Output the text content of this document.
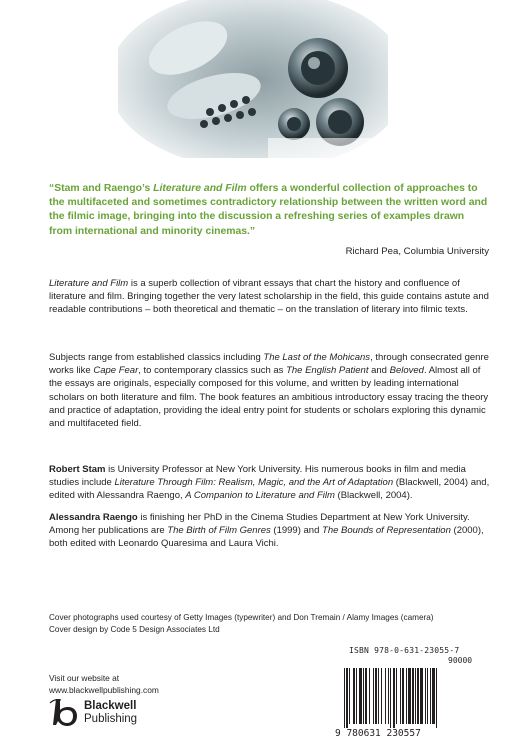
“Stam and Raengo’s Literature and Film offers a wonderful collection of approaches to the multifaceted and sometimes contradictory relationship between the written word and the filmic image, bringing into the discussion a refreshing series of examples drawn from international and minority cinemas.”
Richard Pea, Columbia University
Literature and Film is a superb collection of vibrant essays that chart the history and confluence of literature and film. Bringing together the very latest scholarship in the field, this guide contains astute and readable contributions – both theoretical and thematic – on the translation of literary into filmic texts.
Subjects range from established classics including The Last of the Mohicans, through consecrated genre works like Cape Fear, to contemporary classics such as The English Patient and Beloved. Almost all of the essays are originals, especially composed for this volume, and written by leading international scholars on both literature and film. The book features an ambitious introductory essay tracing the theory and practice of adaptation, providing the ideal entry point for students or scholars exploring this dynamic and multifaceted field.
Robert Stam is University Professor at New York University. His numerous books in film and media studies include Literature Through Film: Realism, Magic, and the Art of Adaptation (Blackwell, 2004) and, edited with Alessandra Raengo, A Companion to Literature and Film (Blackwell, 2004).
Alessandra Raengo is finishing her PhD in the Cinema Studies Department at New York University. Among her publications are The Birth of Film Genres (1999) and The Bounds of Representation (2000), both edited with Leonardo Quaresima and Laura Vichi.
Cover photographs used courtesy of Getty Images (typewriter) and Don Tremain / Alamy Images (camera)
Cover design by Code 5 Design Associates Ltd
ISBN 978-0-631-23055-7
90000
9 780631 230557
Visit our website at
www.blackwellpublishing.com
Blackwell
Publishing
